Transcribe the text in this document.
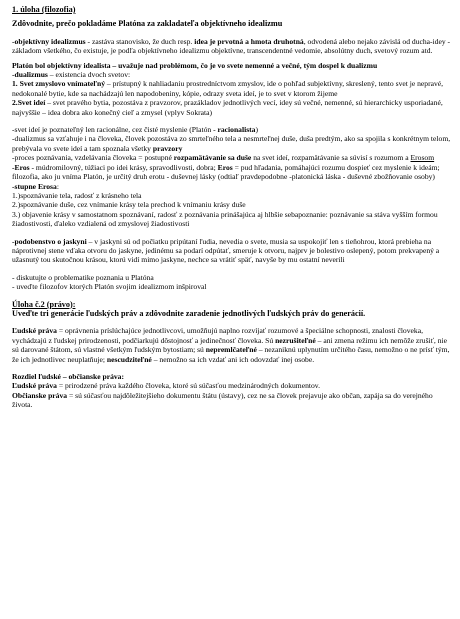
1. úloha (filozofia)

Zdôvodnite, prečo pokladáme Platóna za zakladateľa objektívneho idealizmu

-objektívny idealizmus - zastáva stanovisko, že duch resp. idea je prvotná a hmota druhotná, odvodená alebo nejako závislá od ducha-idey - základom všetkého, čo existuje, je podľa objektívneho idealizmu objektívne, transcendentné vedomie, absolútny duch, svetový rozum atd.

Platón bol objektívny idealista – uvažuje nad problémom, čo je vo svete nemenné a večné, tým dospel k dualizmu

-dualizmus – existencia dvoch svetov:

1. Svet zmyslovo vnímateľný – prístupný k nahliadaniu prostredníctvom zmyslov, ide o pohľad subjektívny, skreslený, tento svet je nepravé, nedokonalé bytie, kde sa nachádzajú len napodobeniny, kópie, odrazy sveta ideí, je to svet v ktorom žijeme

2.Svet ideí – svet pravého bytia, pozostáva z pravzorov, prazákladov jednotlivých vecí, idey sú večné, nemenné, sú hierarchicky usporiadané, najvyššie – idea dobra ako konečný cieľ a zmysel (vplyv Sokrata)

-svet ideí je poznateľný len racionálne, cez čisté myslenie (Platón - racionalista)

-dualizmus sa vzťahuje i na človeka, človek pozostáva zo smrteľného tela a nesmrteľnej duše, duša predtým, ako sa spojila s konkrétnym telom, prebývala vo svete ideí a tam spoznala všetky pravzory

-proces poznávania, vzdelávania človeka = postupné rozpamätávanie sa duše na svet ideí, rozpamätávanie sa súvisí s rozumom a Erosom

-Eros - múdromilovný, túžiaci po idei krásy, spravodlivosti, dobra; Eros = pud hľadania, pomáhajúci rozumu dospieť cez myslenie k ideám; filozofia, ako ju vníma Platón, je určitý druh erotu - duševnej lásky (odtiaľ pravdepodobne -platonická láska - duševné zbožňovanie osoby)

-stupne Erosa:

1.)spoznávanie tela, radosť z krásneho tela

2.)spoznávanie duše, cez vnímanie krásy tela prechod k vnímaniu krásy duše

3.) objavenie krásy v samostatnom spoznávaní, radosť z poznávania prinášajúca aj hlbšie sebapoznanie: poznávanie sa stáva vyšším formou žiadostivosti, ďaleko vzdialená od zmyslovej žiadostivosti

-podobenstvo o jaskyni – v jaskyni sú od počiatku pripútaní ľudia, nevedia o svete, musia sa uspokojiť len s tieňohrou, ktorá prebieha na náprotivnej stene vďaka otvoru do jaskyne, jedinému sa podarí odpútať, smeruje k otvoru, najprv je bolestivo oslepený, potom prekvapený a užasnutý tou skutočnou krásou, ktorú vidí mimo jaskyne, nechce sa vrátiť späť, navyše by mu ostatní neverili

- diskutujte o problematike poznania u Platóna

- uveďte filozofov ktorých Platón svojim idealizmom inšpiroval

Úloha č.2 (právo):

Uveďte tri generácie ľudských práv a zdôvodnite zaradenie jednotlivých ľudských práv do generácií.

Ľudské práva = oprávnenia príslúchajúce jednotlivcovi, umožňujú naplno rozvíjať rozumové a špeciálne schopnosti, znalosti človeka, vychádzajú z ľudskej prirodzenosti, podčiarkujú dôstojnosť a jedinečnosť človeka. Sú nezrušiteľné – ani zmena režimu ich nemôže zrušiť, nie sú darované štátom, sú vlastné všetkým ľudským bytostiam; sú nepremlčateľné – nezaniknú uplynutím určitého času, nemožno o ne prísť tým, že ich jednotlivec neuplatňuje; nescudziteľné – nemožno sa ich vzdať ani ich odovzdať inej osobe.

Rozdiel ľudské – občianske práva:

Ľudské práva = prirodzené práva každého človeka, ktoré sú súčasťou medzinárodných dokumentov.

Občianske práva = sú súčasťou najdôležitejšieho dokumentu štátu (ústavy), cez ne sa človek prejavuje ako občan, zapája sa do verejného života.
